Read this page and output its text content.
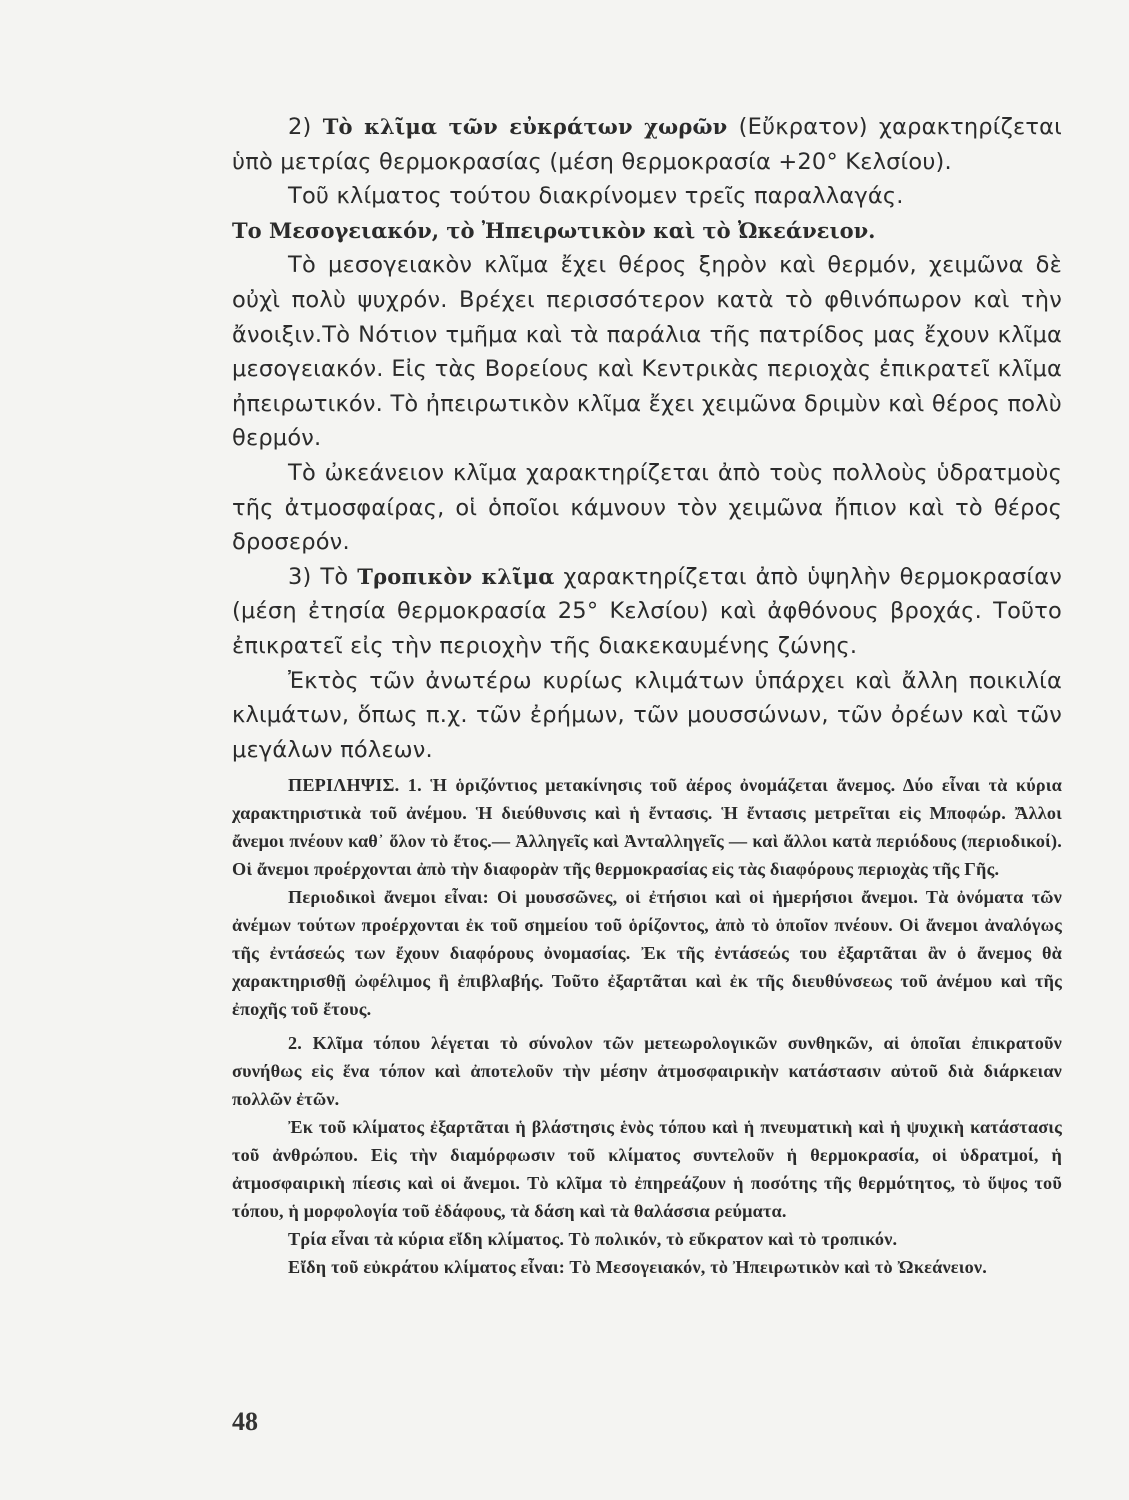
2) Τὸ κλῖμα τῶν εὐκράτων χωρῶν (Εὔκρατον) χαρακτηρίζεται ὑπὸ μετρίας θερμοκρασίας (μέση θερμοκρασία +20° Κελσίου).

Τοῦ κλίματος τούτου διακρίνομεν τρεῖς παραλλαγάς.

Το Μεσογειακόν, τὸ Ἠπειρωτικὸν καὶ τὸ Ὠκεάνειον.

Τὸ μεσογειακὸν κλῖμα ἔχει θέρος ξηρὸν καὶ θερμόν, χειμῶνα δὲ οὐχὶ πολὺ ψυχρόν. Βρέχει περισσότερον κατὰ τὸ φθινόπωρον καὶ τὴν ἄνοιξιν.Τὸ Νότιον τμῆμα καὶ τὰ παράλια τῆς πατρίδος μας ἔχουν κλῖμα μεσογειακόν. Εἰς τὰς Βορείους καὶ Κεντρικὰς περιοχὰς ἐπικρατεῖ κλῖμα ἠπειρωτικόν. Τὸ ἠπειρωτικὸν κλῖμα ἔχει χειμῶνα δριμὺν καὶ θέρος πολὺ θερμόν.

Τὸ ὠκεάνειον κλῖμα χαρακτηρίζεται ἀπὸ τοὺς πολλοὺς ὑδρατμοὺς τῆς ἀτμοσφαίρας, οἱ ὁποῖοι κάμνουν τὸν χειμῶνα ἤπιον καὶ τὸ θέρος δροσερόν.

3) Τὸ Τροπικὸν κλῖμα χαρακτηρίζεται ἀπὸ ὑψηλὴν θερμοκρασίαν (μέση ἐτησία θερμοκρασία 25° Κελσίου) καὶ ἀφθόνους βροχάς. Τοῦτο ἐπικρατεῖ εἰς τὴν περιοχὴν τῆς διακεκαυμένης ζώνης.

Ἐκτὸς τῶν ἀνωτέρω κυρίως κλιμάτων ὑπάρχει καὶ ἄλλη ποικιλία κλιμάτων, ὅπως π.χ. τῶν ἐρήμων, τῶν μουσσώνων, τῶν ὀρέων καὶ τῶν μεγάλων πόλεων.

ΠΕΡΙΛΗΨΙΣ. 1. Ἡ ὁριζόντιος μετακίνησις τοῦ ἀέρος ὀνομάζεται ἄνεμος. Δύο εἶναι τὰ κύρια χαρακτηριστικὰ τοῦ ἀνέμου. Ἡ διεύθυνσις καὶ ἡ ἔντασις. Ἡ ἔντασις μετρεῖται εἰς Μποφώρ. Ἄλλοι ἄνεμοι πνέουν καθ᾽ ὅλον τὸ ἔτος.— Ἀλληγεῖς καὶ Ἀνταλληγεῖς — καὶ ἄλλοι κατὰ περιόδους (περιοδικοί). Οἱ ἄνεμοι προέρχονται ἀπὸ τὴν διαφορὰν τῆς θερμοκρασίας εἰς τὰς διαφόρους περιοχὰς τῆς Γῆς.

Περιοδικοὶ ἄνεμοι εἶναι: Οἱ μουσσῶνες, οἱ ἐτήσιοι καὶ οἱ ἡμερήσιοι ἄνεμοι. Τὰ ὀνόματα τῶν ἀνέμων τούτων προέρχονται ἐκ τοῦ σημείου τοῦ ὁρίζοντος, ἀπὸ τὸ ὁποῖον πνέουν. Οἱ ἄνεμοι ἀναλόγως τῆς ἐντάσεώς των ἔχουν διαφόρους ὀνομασίας. Ἐκ τῆς ἐντάσεώς του ἐξαρτᾶται ἂν ὁ ἄνεμος θὰ χαρακτηρισθῇ ὠφέλιμος ἢ ἐπιβλαβής. Τοῦτο ἐξαρτᾶται καὶ ἐκ τῆς διευθύνσεως τοῦ ἀνέμου καὶ τῆς ἐποχῆς τοῦ ἔτους.

2. Κλῖμα τόπου λέγεται τὸ σύνολον τῶν μετεωρολογικῶν συνθηκῶν, αἱ ὁποῖαι ἐπικρατοῦν συνήθως εἰς ἕνα τόπον καὶ ἀποτελοῦν τὴν μέσην ἀτμοσφαιρικὴν κατάστασιν αὐτοῦ διὰ διάρκειαν πολλῶν ἐτῶν.

Ἐκ τοῦ κλίματος ἐξαρτᾶται ἡ βλάστησις ἑνὸς τόπου καὶ ἡ πνευματικὴ καὶ ἡ ψυχικὴ κατάστασις τοῦ ἀνθρώπου. Εἰς τὴν διαμόρφωσιν τοῦ κλίματος συντελοῦν ἡ θερμοκρασία, οἱ ὑδρατμοί, ἡ ἀτμοσφαιρικὴ πίεσις καὶ οἱ ἄνεμοι. Τὸ κλῖμα τὸ ἐπηρεάζουν ἡ ποσότης τῆς θερμότητος, τὸ ὕψος τοῦ τόπου, ἡ μορφολογία τοῦ ἐδάφους, τὰ δάση καὶ τὰ θαλάσσια ρεύματα.

Τρία εἶναι τὰ κύρια εἴδη κλίματος. Τὸ πολικόν, τὸ εὔκρατον καὶ τὸ τροπικόν.

Εἴδη τοῦ εὐκράτου κλίματος εἶναι: Τὸ Μεσογειακόν, τὸ Ἠπειρωτικὸν καὶ τὸ Ὠκεάνειον.

48
